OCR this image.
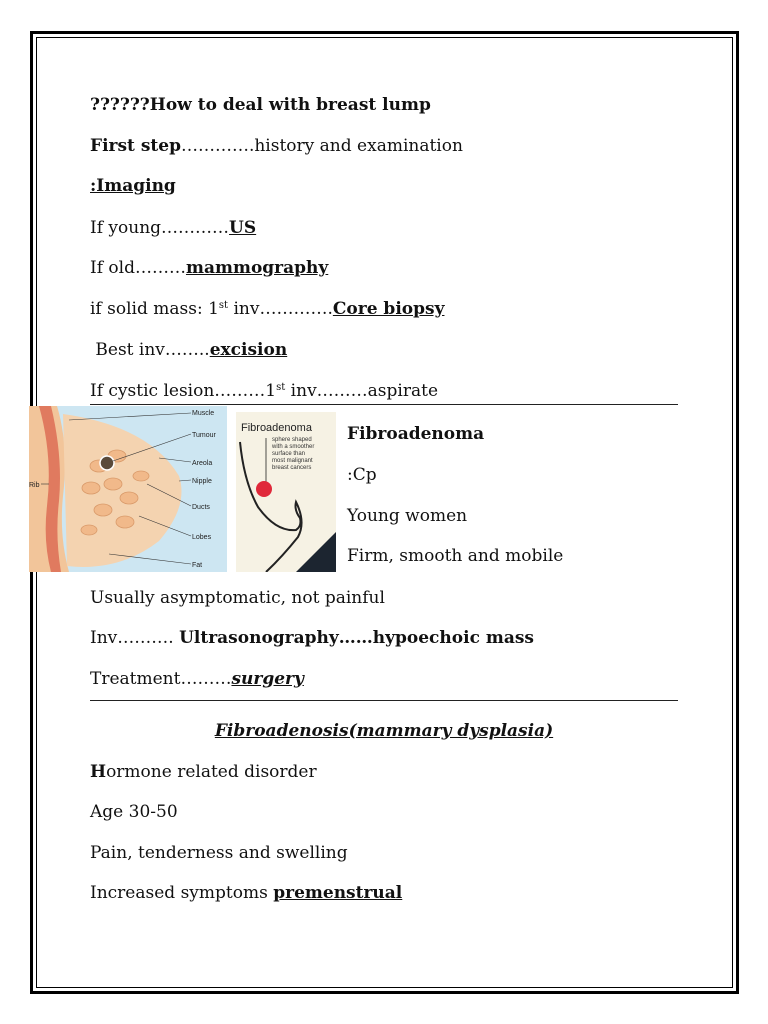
??????How to deal with breast lump
First step………….history and examination
:Imaging
If young…………US
If old………mammography
if solid mass: 1st inv………….Core biopsy
Best inv……..excision
If cystic lesion………1st inv………aspirate
Muscle
Tumour
Areola
Nipple
Ducts
Lobes
Fat
Rib
Fibroadenoma
sphere shaped
with a smoother
surface than
most malignant
breast cancers
Fibroadenoma
:Cp
Young women
Firm, smooth and mobile
Usually asymptomatic, not painful
Inv………. Ultrasonography……hypoechoic mass
Treatment………surgery
Fibroadenosis(mammary dysplasia)
Hormone related disorder
Age 30-50
Pain, tenderness and swelling
Increased symptoms premenstrual
